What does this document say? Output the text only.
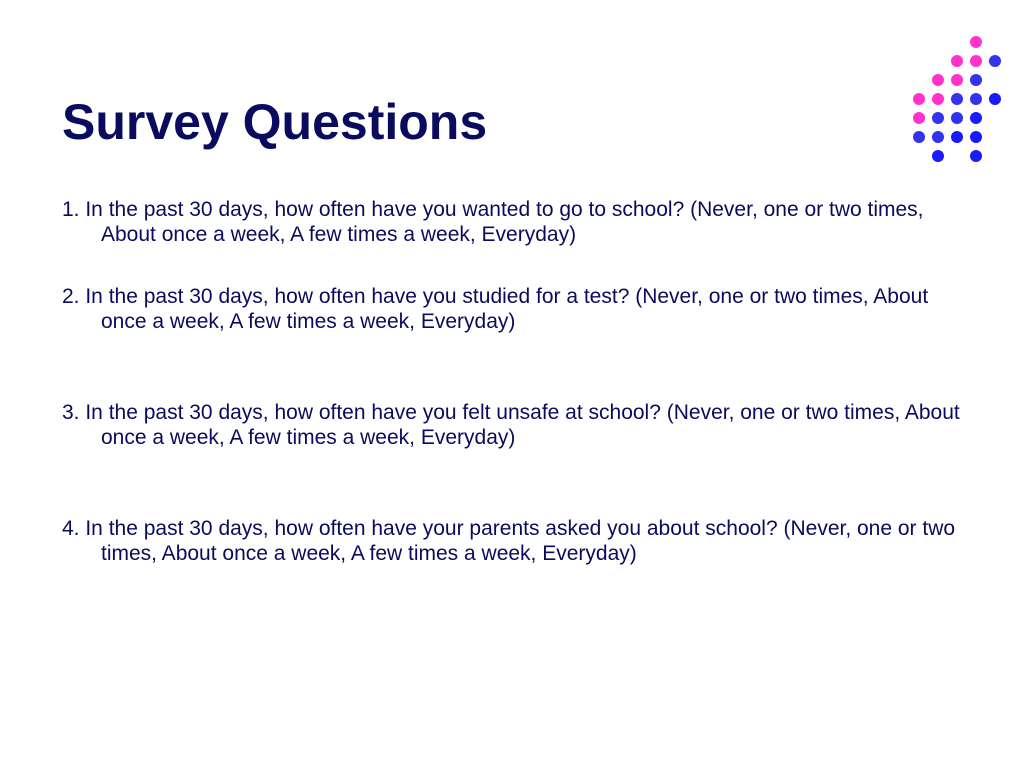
Survey Questions

1. In the past 30 days, how often have you wanted to go to school? (Never, one or two times, About once a week, A few times a week, Everyday)

2. In the past 30 days, how often have you studied for a test? (Never, one or two times, About once a week, A few times a week, Everyday)

3. In the past 30 days, how often have you felt unsafe at school? (Never, one or two times, About once a week, A few times a week, Everyday)

4. In the past 30 days, how often have your parents asked you about school? (Never, one or two times, About once a week, A few times a week, Everyday)
